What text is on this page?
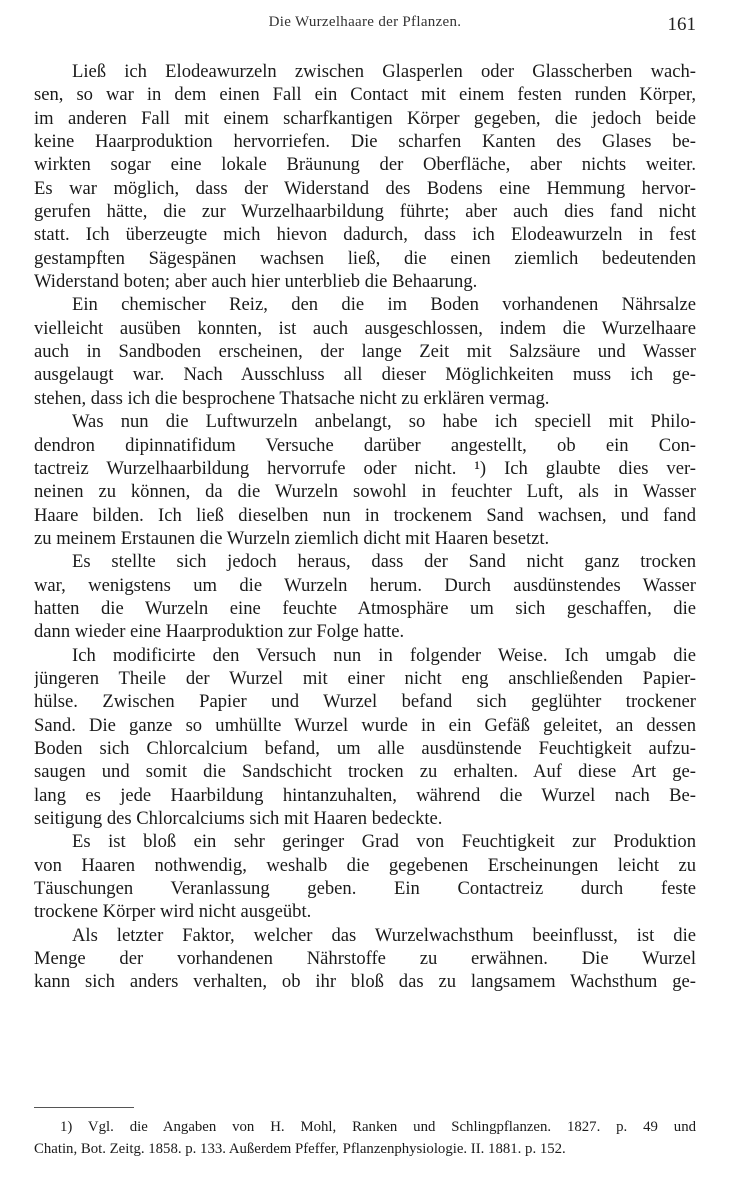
Die Wurzelhaare der Pflanzen.	161
Ließ ich Elodeawurzeln zwischen Glasperlen oder Glasscherben wach-
sen, so war in dem einen Fall ein Contact mit einem festen runden Körper,
im anderen Fall mit einem scharfkantigen Körper gegeben, die jedoch beide
keine Haarproduktion hervorriefen. Die scharfen Kanten des Glases be-
wirkten sogar eine lokale Bräunung der Oberfläche, aber nichts weiter.
Es war möglich, dass der Widerstand des Bodens eine Hemmung hervor-
gerufen hätte, die zur Wurzelhaarbildung führte; aber auch dies fand nicht
statt. Ich überzeugte mich hievon dadurch, dass ich Elodeawurzeln in fest
gestampften Sägespänen wachsen ließ, die einen ziemlich bedeutenden
Widerstand boten; aber auch hier unterblieb die Behaarung.
Ein chemischer Reiz, den die im Boden vorhandenen Nährsalze
vielleicht ausüben konnten, ist auch ausgeschlossen, indem die Wurzelhaare
auch in Sandboden erscheinen, der lange Zeit mit Salzsäure und Wasser
ausgelaugt war. Nach Ausschluss all dieser Möglichkeiten muss ich ge-
stehen, dass ich die besprochene Thatsache nicht zu erklären vermag.
Was nun die Luftwurzeln anbelangt, so habe ich speciell mit Philo-
dendron dipinnatifidum Versuche darüber angestellt, ob ein Con-
tactreiz Wurzelhaarbildung hervorrufe oder nicht. ¹) Ich glaubte dies ver-
neinen zu können, da die Wurzeln sowohl in feuchter Luft, als in Wasser
Haare bilden. Ich ließ dieselben nun in trockenem Sand wachsen, und fand
zu meinem Erstaunen die Wurzeln ziemlich dicht mit Haaren besetzt.
Es stellte sich jedoch heraus, dass der Sand nicht ganz trocken
war, wenigstens um die Wurzeln herum. Durch ausdünstendes Wasser
hatten die Wurzeln eine feuchte Atmosphäre um sich geschaffen, die
dann wieder eine Haarproduktion zur Folge hatte.
Ich modificirte den Versuch nun in folgender Weise. Ich umgab die
jüngeren Theile der Wurzel mit einer nicht eng anschließenden Papier-
hülse. Zwischen Papier und Wurzel befand sich geglühter trockener
Sand. Die ganze so umhüllte Wurzel wurde in ein Gefäß geleitet, an dessen
Boden sich Chlorcalcium befand, um alle ausdünstende Feuchtigkeit aufzu-
saugen und somit die Sandschicht trocken zu erhalten. Auf diese Art ge-
lang es jede Haarbildung hintanzuhalten, während die Wurzel nach Be-
seitigung des Chlorcalciums sich mit Haaren bedeckte.
Es ist bloß ein sehr geringer Grad von Feuchtigkeit zur Produktion
von Haaren nothwendig, weshalb die gegebenen Erscheinungen leicht zu
Täuschungen Veranlassung geben. Ein Contactreiz durch feste
trockene Körper wird nicht ausgeübt.
Als letzter Faktor, welcher das Wurzelwachsthum beeinflusst, ist die
Menge der vorhandenen Nährstoffe zu erwähnen. Die Wurzel
kann sich anders verhalten, ob ihr bloß das zu langsamem Wachsthum ge-
1) Vgl. die Angaben von H. Mohl, Ranken und Schlingpflanzen. 1827. p. 49 und
Chatin, Bot. Zeitg. 1858. p. 133. Außerdem Pfeffer, Pflanzenphysiologie. II. 1881. p. 152.
